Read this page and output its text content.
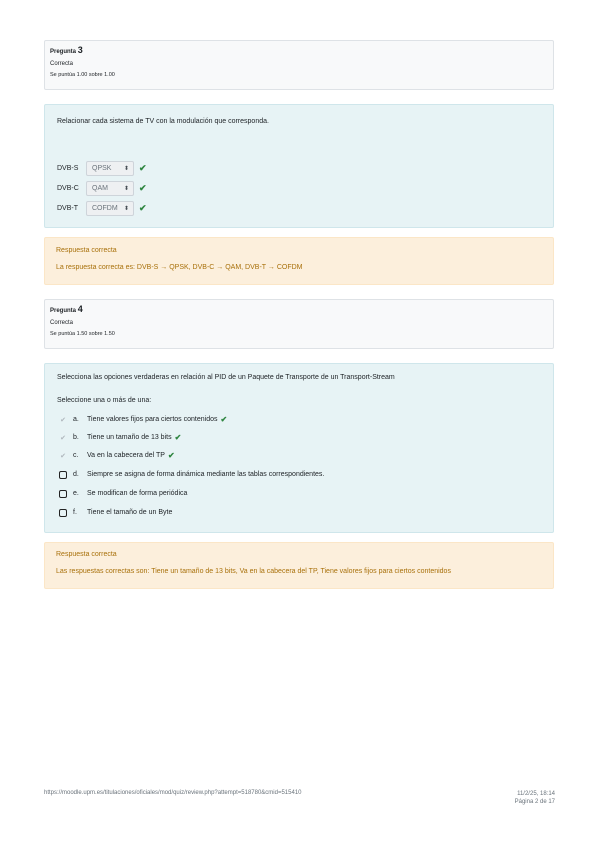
Pregunta 3
Correcta
Se puntúa 1.00 sobre 1.00
Relacionar cada sistema de TV con la modulación que corresponda.
DVB-S	QPSK ⬍ ✔
DVB-C	QAM	⬍ ✔
DVB-T	COFDM ⬍ ✔
Respuesta correcta
La respuesta correcta es: DVB-S → QPSK, DVB-C → QAM, DVB-T → COFDM
Pregunta 4
Correcta
Se puntúa 1.50 sobre 1.50
Selecciona las opciones verdaderas en relación al PID de un Paquete de Transporte de un Transport-Stream
Seleccione una o más de una:
✔ a.	Tiene valores fijos para ciertos contenidos ✔
✔ b.	Tiene un tamaño de 13 bits ✔
✔ c.	Va en la cabecera del TP ✔
d.	Siempre se asigna de forma dinámica mediante las tablas correspondientes.
e.	Se modifican de forma periódica
f.	Tiene el tamaño de un Byte
Respuesta correcta
Las respuestas correctas son: Tiene un tamaño de 13 bits, Va en la cabecera del TP, Tiene valores fijos para ciertos contenidos
https://moodle.upm.es/titulaciones/oficiales/mod/quiz/review.php?attempt=518780&cmid=515410	11/2/25, 18:14
Página 2 de 17
